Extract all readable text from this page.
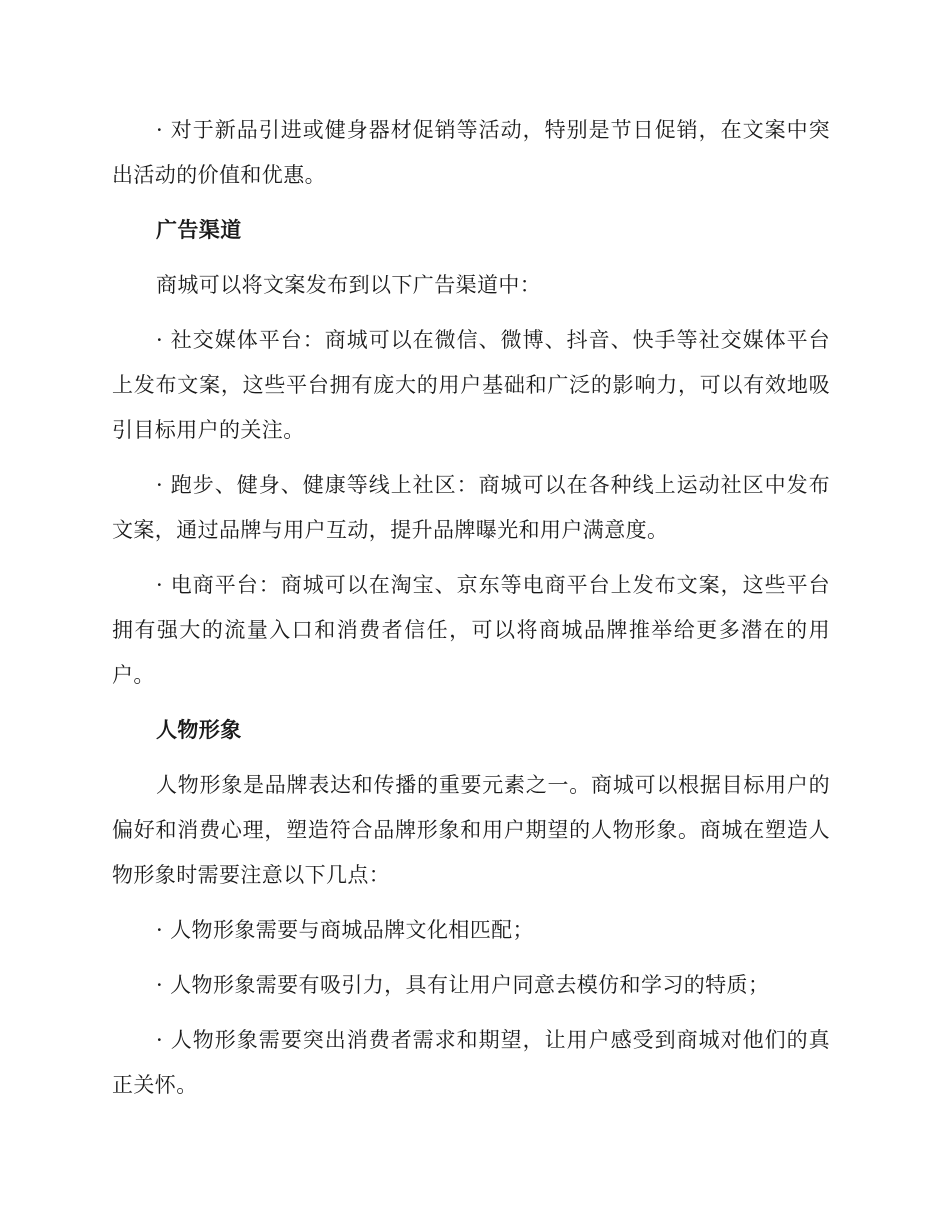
· 对于新品引进或健身器材促销等活动，特别是节日促销，在文案中突出活动的价值和优惠。

广告渠道

商城可以将文案发布到以下广告渠道中：

· 社交媒体平台：商城可以在微信、微博、抖音、快手等社交媒体平台上发布文案，这些平台拥有庞大的用户基础和广泛的影响力，可以有效地吸引目标用户的关注。

· 跑步、健身、健康等线上社区：商城可以在各种线上运动社区中发布文案，通过品牌与用户互动，提升品牌曝光和用户满意度。

· 电商平台：商城可以在淘宝、京东等电商平台上发布文案，这些平台拥有强大的流量入口和消费者信任，可以将商城品牌推举给更多潜在的用户。

人物形象

人物形象是品牌表达和传播的重要元素之一。商城可以根据目标用户的偏好和消费心理，塑造符合品牌形象和用户期望的人物形象。商城在塑造人物形象时需要注意以下几点：

· 人物形象需要与商城品牌文化相匹配；

· 人物形象需要有吸引力，具有让用户同意去模仿和学习的特质；

· 人物形象需要突出消费者需求和期望，让用户感受到商城对他们的真正关怀。
